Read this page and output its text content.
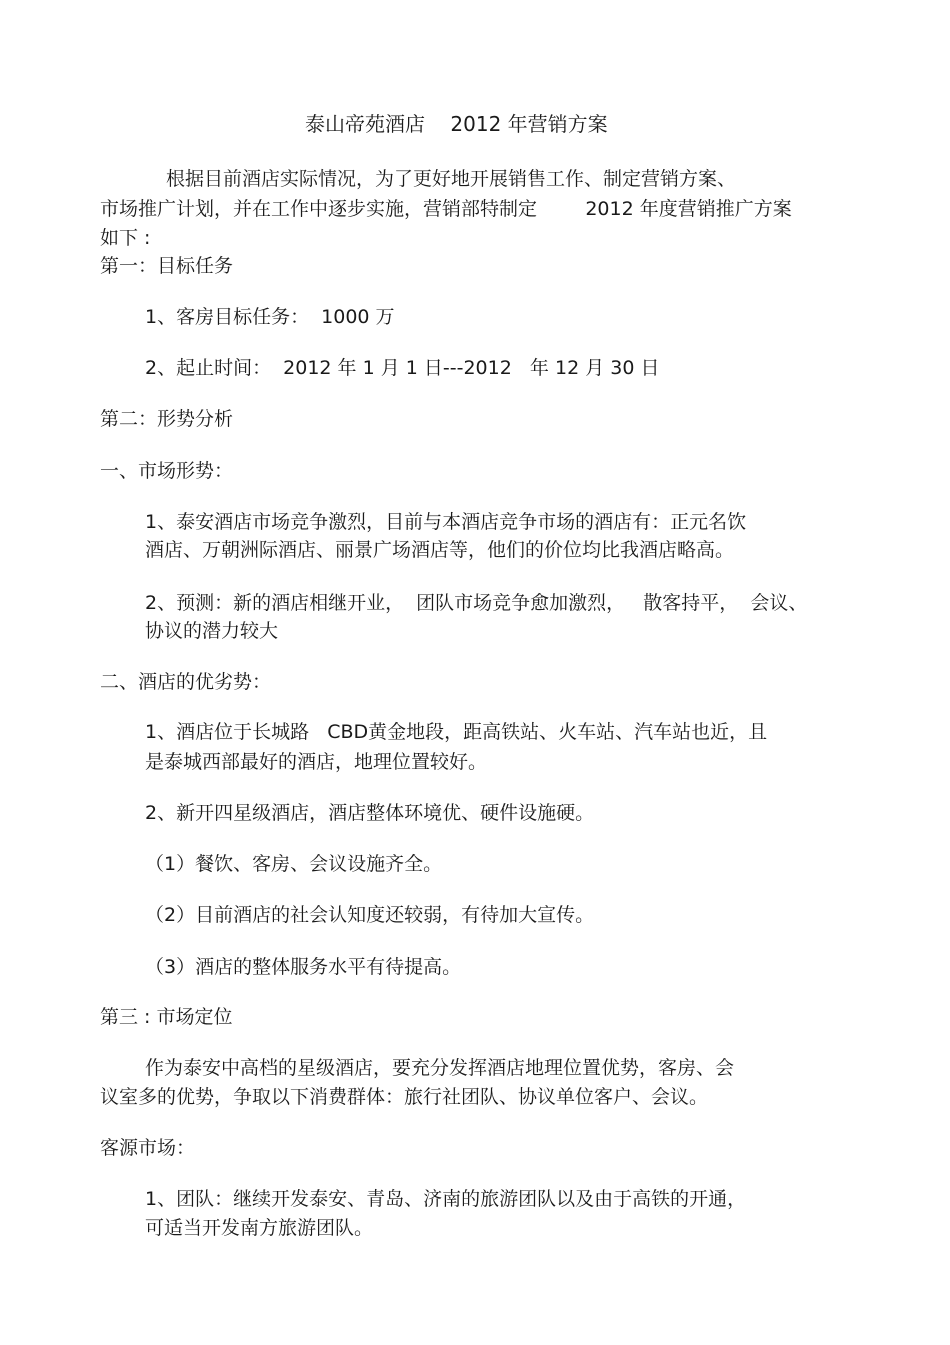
泰山帝苑酒店    2012 年营销方案
根据目前酒店实际情况，为了更好地开展销售工作、制定营销方案、
市场推广计划，并在工作中逐步实施，营销部特制定        2012 年度营销推广方案
如下 :
第一：目标任务
1、客房目标任务：  1000 万
2、起止时间：  2012 年 1 月 1 日---2012   年 12 月 30 日
第二：形势分析
一、市场形势：
1、泰安酒店市场竞争激烈，目前与本酒店竞争市场的酒店有：正元名饮
酒店、万朝洲际酒店、丽景广场酒店等，他们的价位均比我酒店略高。
2、预测：新的酒店相继开业，  团队市场竞争愈加激烈，   散客持平，  会议、
协议的潜力较大
二、酒店的优劣势：
1、酒店位于长城路   CBD黄金地段，距高铁站、火车站、汽车站也近，且
是泰城西部最好的酒店，地理位置较好。
2、新开四星级酒店，酒店整体环境优、硬件设施硬。
（1）餐饮、客房、会议设施齐全。
（2）目前酒店的社会认知度还较弱，有待加大宣传。
（3）酒店的整体服务水平有待提高。
第三 : 市场定位
作为泰安中高档的星级酒店，要充分发挥酒店地理位置优势，客房、会
议室多的优势，争取以下消费群体：旅行社团队、协议单位客户、会议。
客源市场：
1、团队：继续开发泰安、青岛、济南的旅游团队以及由于高铁的开通，
可适当开发南方旅游团队。
